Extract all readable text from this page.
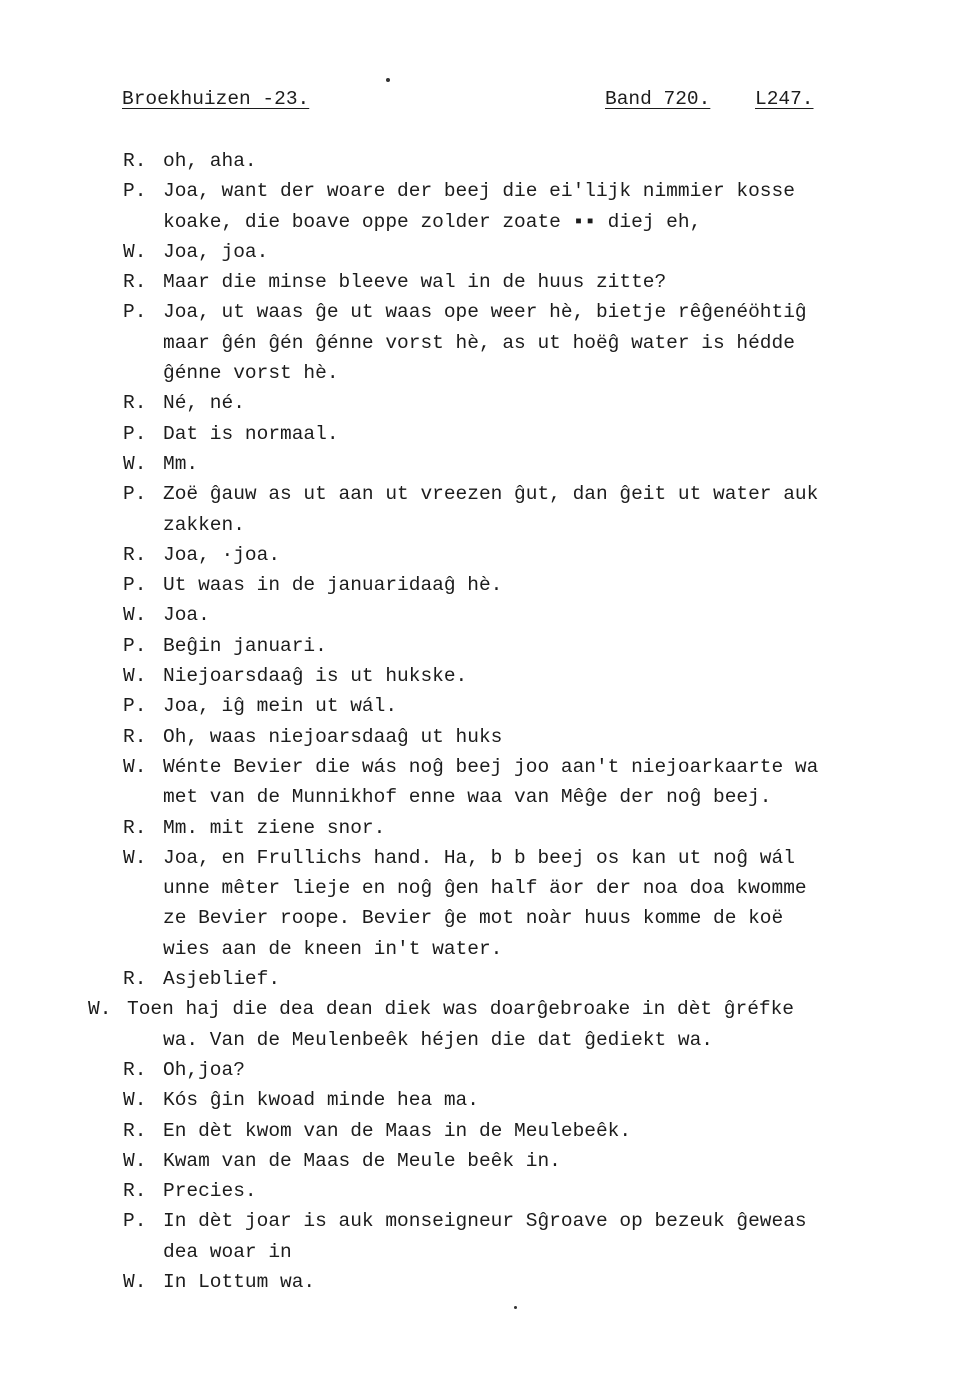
Broekhuizen -23.	Band 720. L247.
R. oh, aha.
P. Joa, want der woare der beej die ei'lijk nimmier kosse
koake, die boave oppe zolder zoate ▪▪ diej eh,
W. Joa, joa.
R. Maar die minse bleeve wal in de huus zitte?
P. Joa, ut waas ĝe ut waas ope weer hè, bietje rêĝenéöhtiĝ
maar ĝén ĝén ĝénne vorst hè, as ut hoëĝ water is hédde
ĝénne vorst hè.
R. Né, né.
P. Dat is normaal.
W. Mm.
P. Zoë ĝauw as ut aan ut vreezen ĝut, dan ĝeit ut water auk
zakken.
R. Joa, ·joa.
P. Ut waas in de januaridaaĝ hè.
W. Joa.
P. Beĝin januari.
W. Niejoarsdaaĝ is ut hukske.
P. Joa, iĝ mein ut wál.
R. Oh, waas niejoarsdaaĝ ut huks
W. Wénte Bevier die wás noĝ beej joo aan't niejoarkaarte wa
met van de Munnikhof enne waa van Mêĝe der noĝ beej.
R. Mm. mit ziene snor.
W. Joa, en Frullichs hand. Ha, b b beej os kan ut noĝ wál
unne mêter lieje en noĝ ĝen half äor der noa doa kwomme
ze Bevier roope. Bevier ĝe mot noàr huus komme de koë
wies aan de kneen in't water.
R. Asjeblief.
W. Toen haj die dea dean diek was doarĝebroake in dèt ĝréfke
wa. Van de Meulenbeêk héjen die dat ĝediekt wa.
R. Oh,joa?
W. Kós ĝin kwoad minde hea ma.
R. En dèt kwom van de Maas in de Meulebeêk.
W. Kwam van de Maas de Meule beêk in.
R. Precies.
P. In dèt joar is auk monseigneur Sĝroave op bezeuk ĝeweas
dea woar in
W. In Lottum wa.
